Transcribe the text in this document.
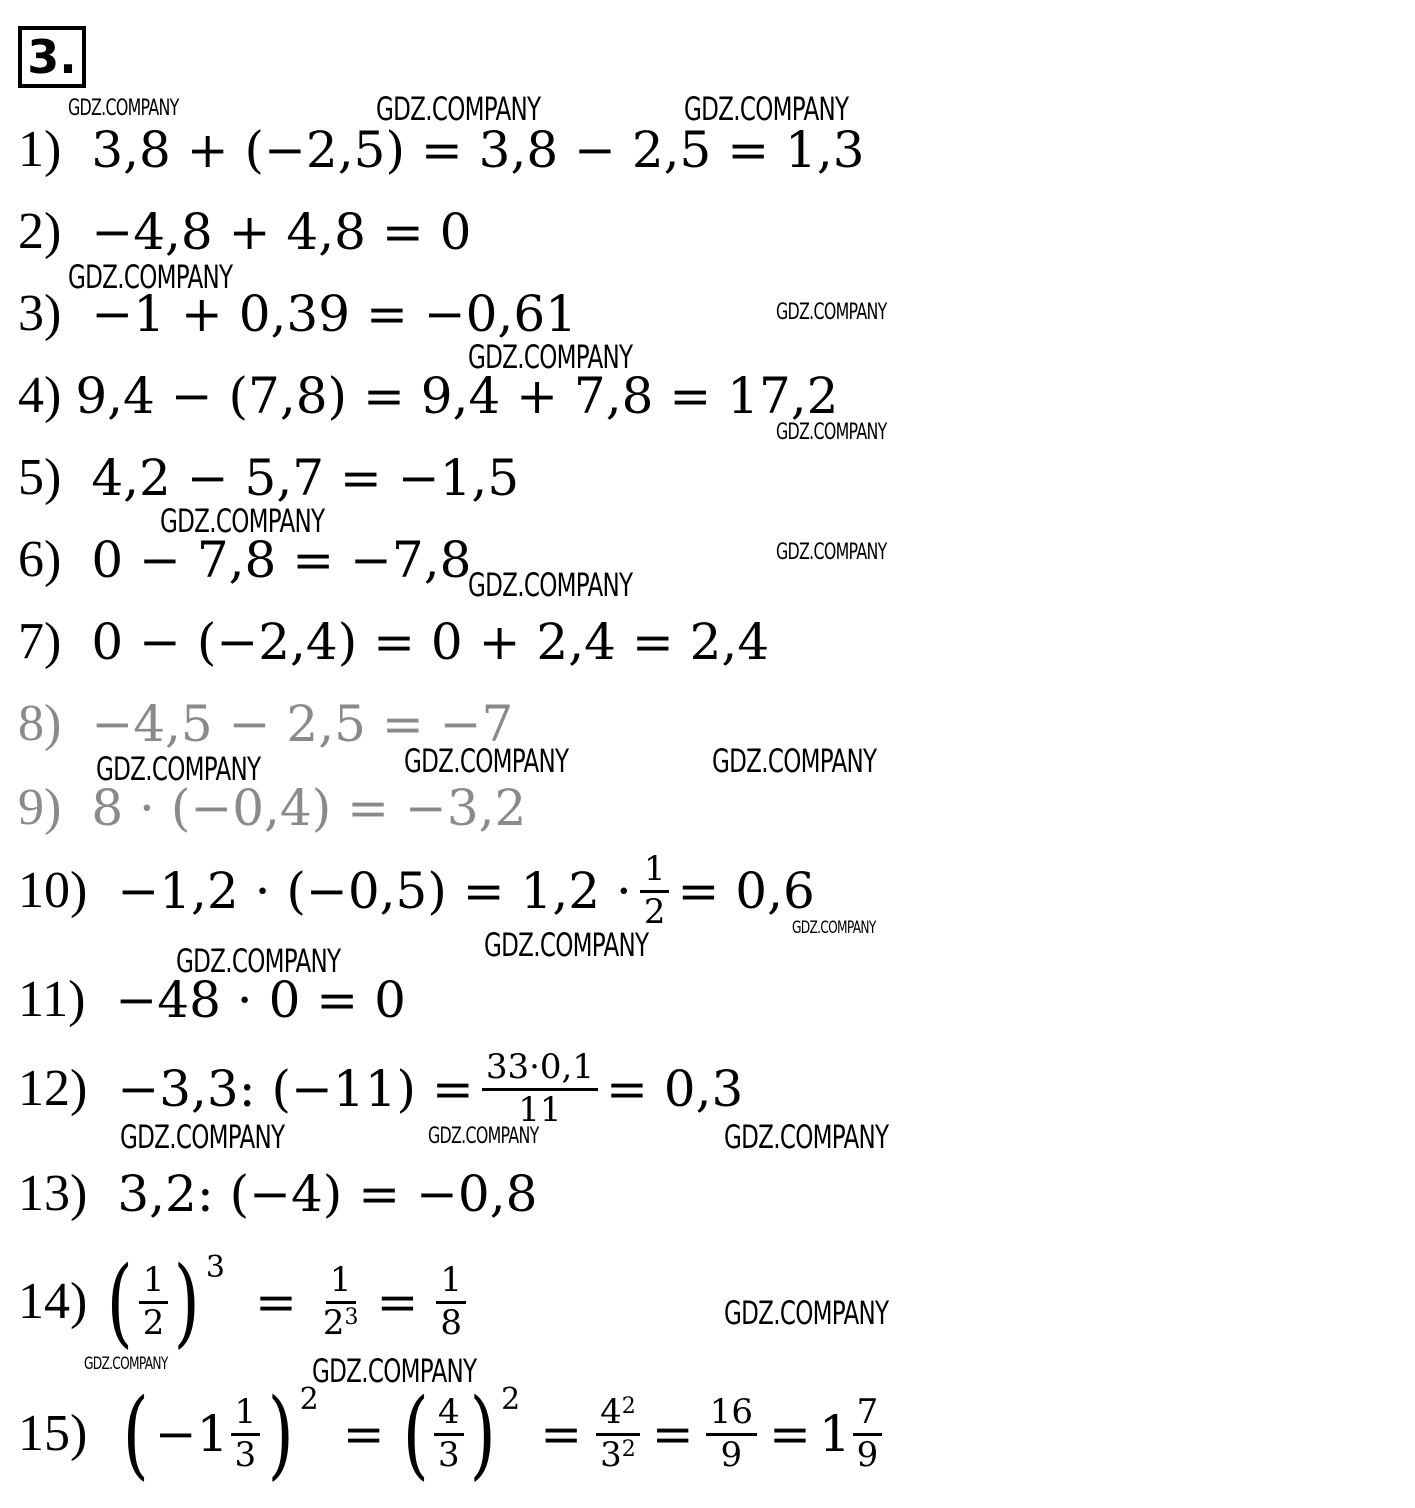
3.
1) 3,8 + (−2,5) = 3,8 − 2,5 = 1,3
2) −4,8 + 4,8 = 0
3) −1 + 0,39 = −0,61
4) 9,4 − (7,8) = 9,4 + 7,8 = 17,2
5) 4,2 − 5,7 = −1,5
6) 0 − 7,8 = −7,8
7) 0 − (−2,4) = 0 + 2,4 = 2,4
8) −4,5 − 2,5 = −7
9) 8 · (−0,4) = −3,2
$10) -1,2 \cdot (-0,5) = 1,2 \cdot \frac{1}{2} = 0,6$
11) −48 · 0 = 0
12) −3,3: $(-11) = \frac{33\cdot 0,1}{11} = 0,3$
13) 3,2: (−4) = −0,8
14) ( $\frac{1}{2}$ ) 3
= $\frac{1}{2^3} = \frac{1}{8}$
15) ( $-1 \frac{1}{3}$ ) 2
= ( $\frac{4}{3}$ ) 2
= $\frac{4^2}{3^2} = \frac{16}{9} = 1 \frac{7}{9}$
GDZ.COMPANY	GDZ.COMPANY	GDZ.COMPANY
GDZ.COMPANY
GDZ.COMPANY
GDZ.COMPANY
GDZ.COMPANY
GDZ.COMPANY
GDZ.COMPANY
GDZ.COMPANY
GDZ.COMPANY	GDZ.COMPANY	GDZ.COMPANY
GDZ.COMPANY
GDZ.COMPANY
GDZ.COMPANY
GDZ.COMPANY	GDZ.COMPANY	GDZ.COMPANY
GDZ.COMPANY
GDZ.COMPANY	GDZ.COMPANY
